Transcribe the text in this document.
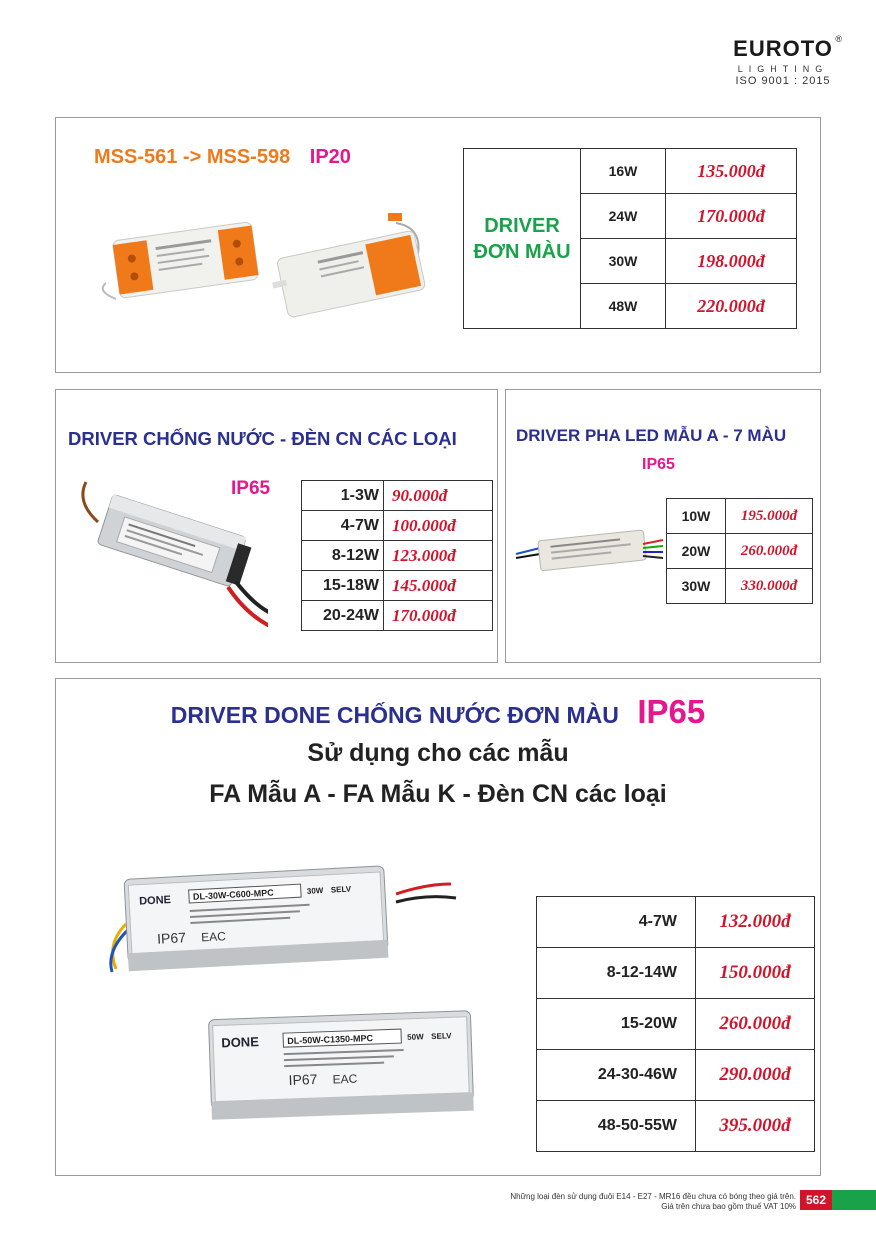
EUROTO ®
LIGHTING
ISO 9001 : 2015
MSS-561 -> MSS-598 IP20
DRIVER
ĐƠN MÀU	16W	135.000đ
	24W	170.000đ
	30W	198.000đ
	48W	220.000đ
DRIVER CHỐNG NƯỚC - ĐÈN CN CÁC LOẠI
IP65	1-3W	90.000đ
4-7W	100.000đ
8-12W	123.000đ
15-18W	145.000đ
20-24W	170.000đ
DRIVER PHA LED MẪU A - 7 MÀU
IP65
10W	195.000đ
20W	260.000đ
30W	330.000đ
DRIVER DONE CHỐNG NƯỚC ĐƠN MÀU IP65
Sử dụng cho các mẫu
FA Mẫu A - FA Mẫu K - Đèn CN các loại
DONE DL-30W-C600-MPC	30W SELV
IP67 EAC
DONE	DL-50W-C1350-MPC	50W SELV
IP67 EAC
4-7W	132.000đ
8-12-14W	150.000đ
15-20W	260.000đ
24-30-46W	290.000đ
48-50-55W	395.000đ
Những loại đèn sử dụng đuôi E14 - E27 - MR16 đều chưa có bóng theo giá trên.
Giá trên chưa bao gồm thuế VAT 10% 562
